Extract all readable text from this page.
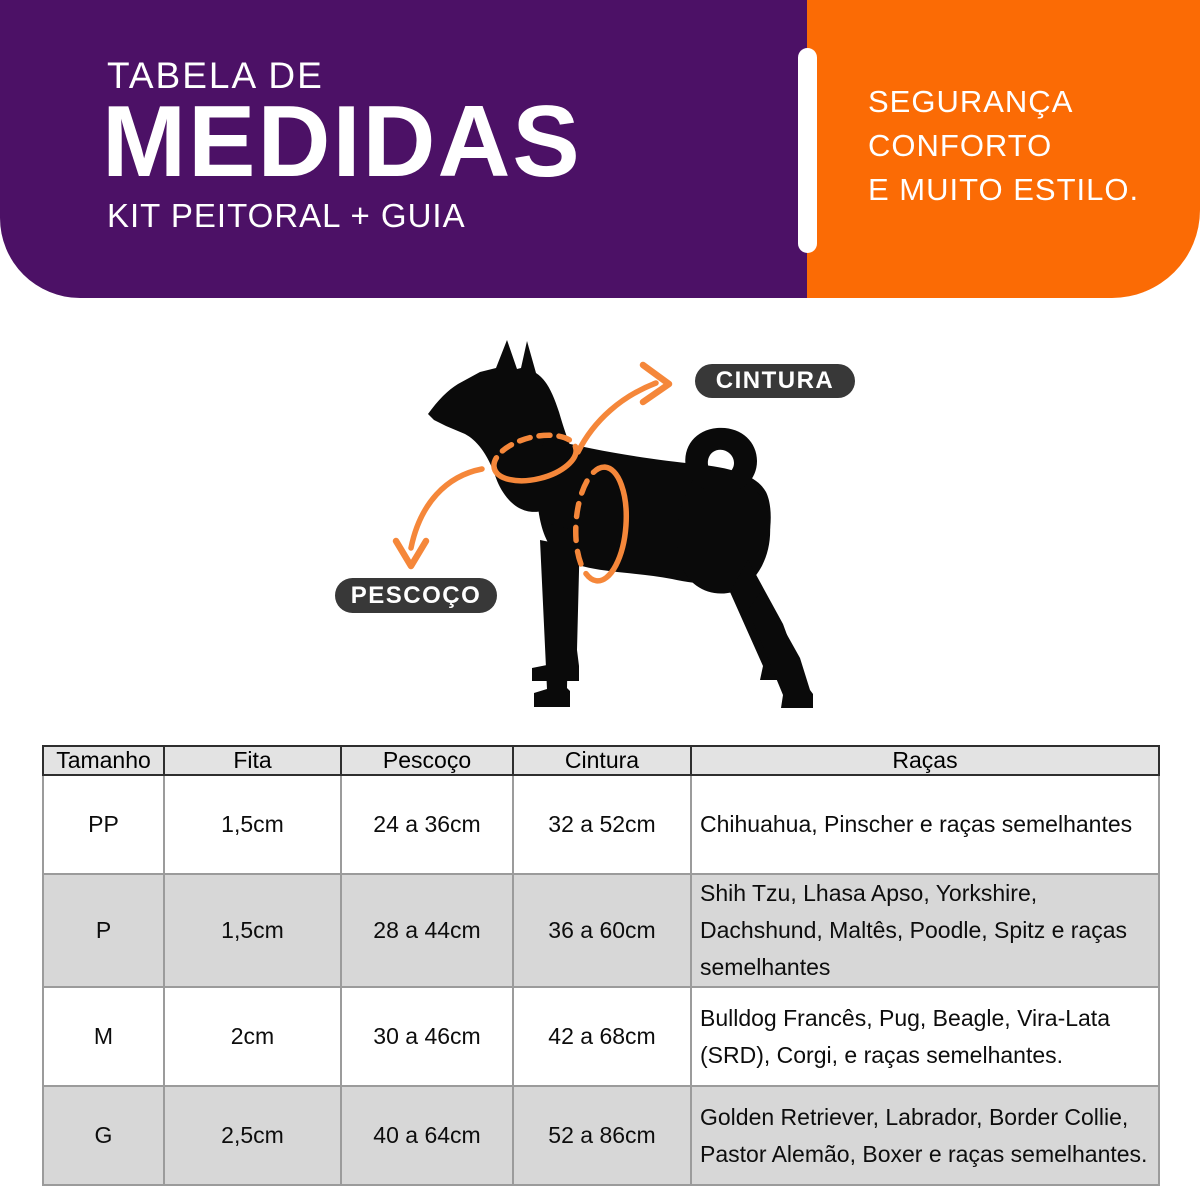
TABELA DE
MEDIDAS
KIT PEITORAL + GUIA
SEGURANÇA
CONFORTO
E MUITO ESTILO.
CINTURA
PESCOÇO
Tamanho	Fita	Pescoço	Cintura	Raças
PP	1,5cm	24 a 36cm	32 a 52cm	Chihuahua, Pinscher e raças semelhantes
P	1,5cm	28 a 44cm	36 a 60cm	Shih Tzu, Lhasa Apso, Yorkshire, Dachshund, Maltês, Poodle, Spitz e raças semelhantes
M	2cm	30 a 46cm	42 a 68cm	Bulldog Francês, Pug, Beagle, Vira-Lata (SRD), Corgi, e raças semelhantes.
G	2,5cm	40 a 64cm	52 a 86cm	Golden Retriever, Labrador, Border Collie, Pastor Alemão, Boxer e raças semelhantes.
